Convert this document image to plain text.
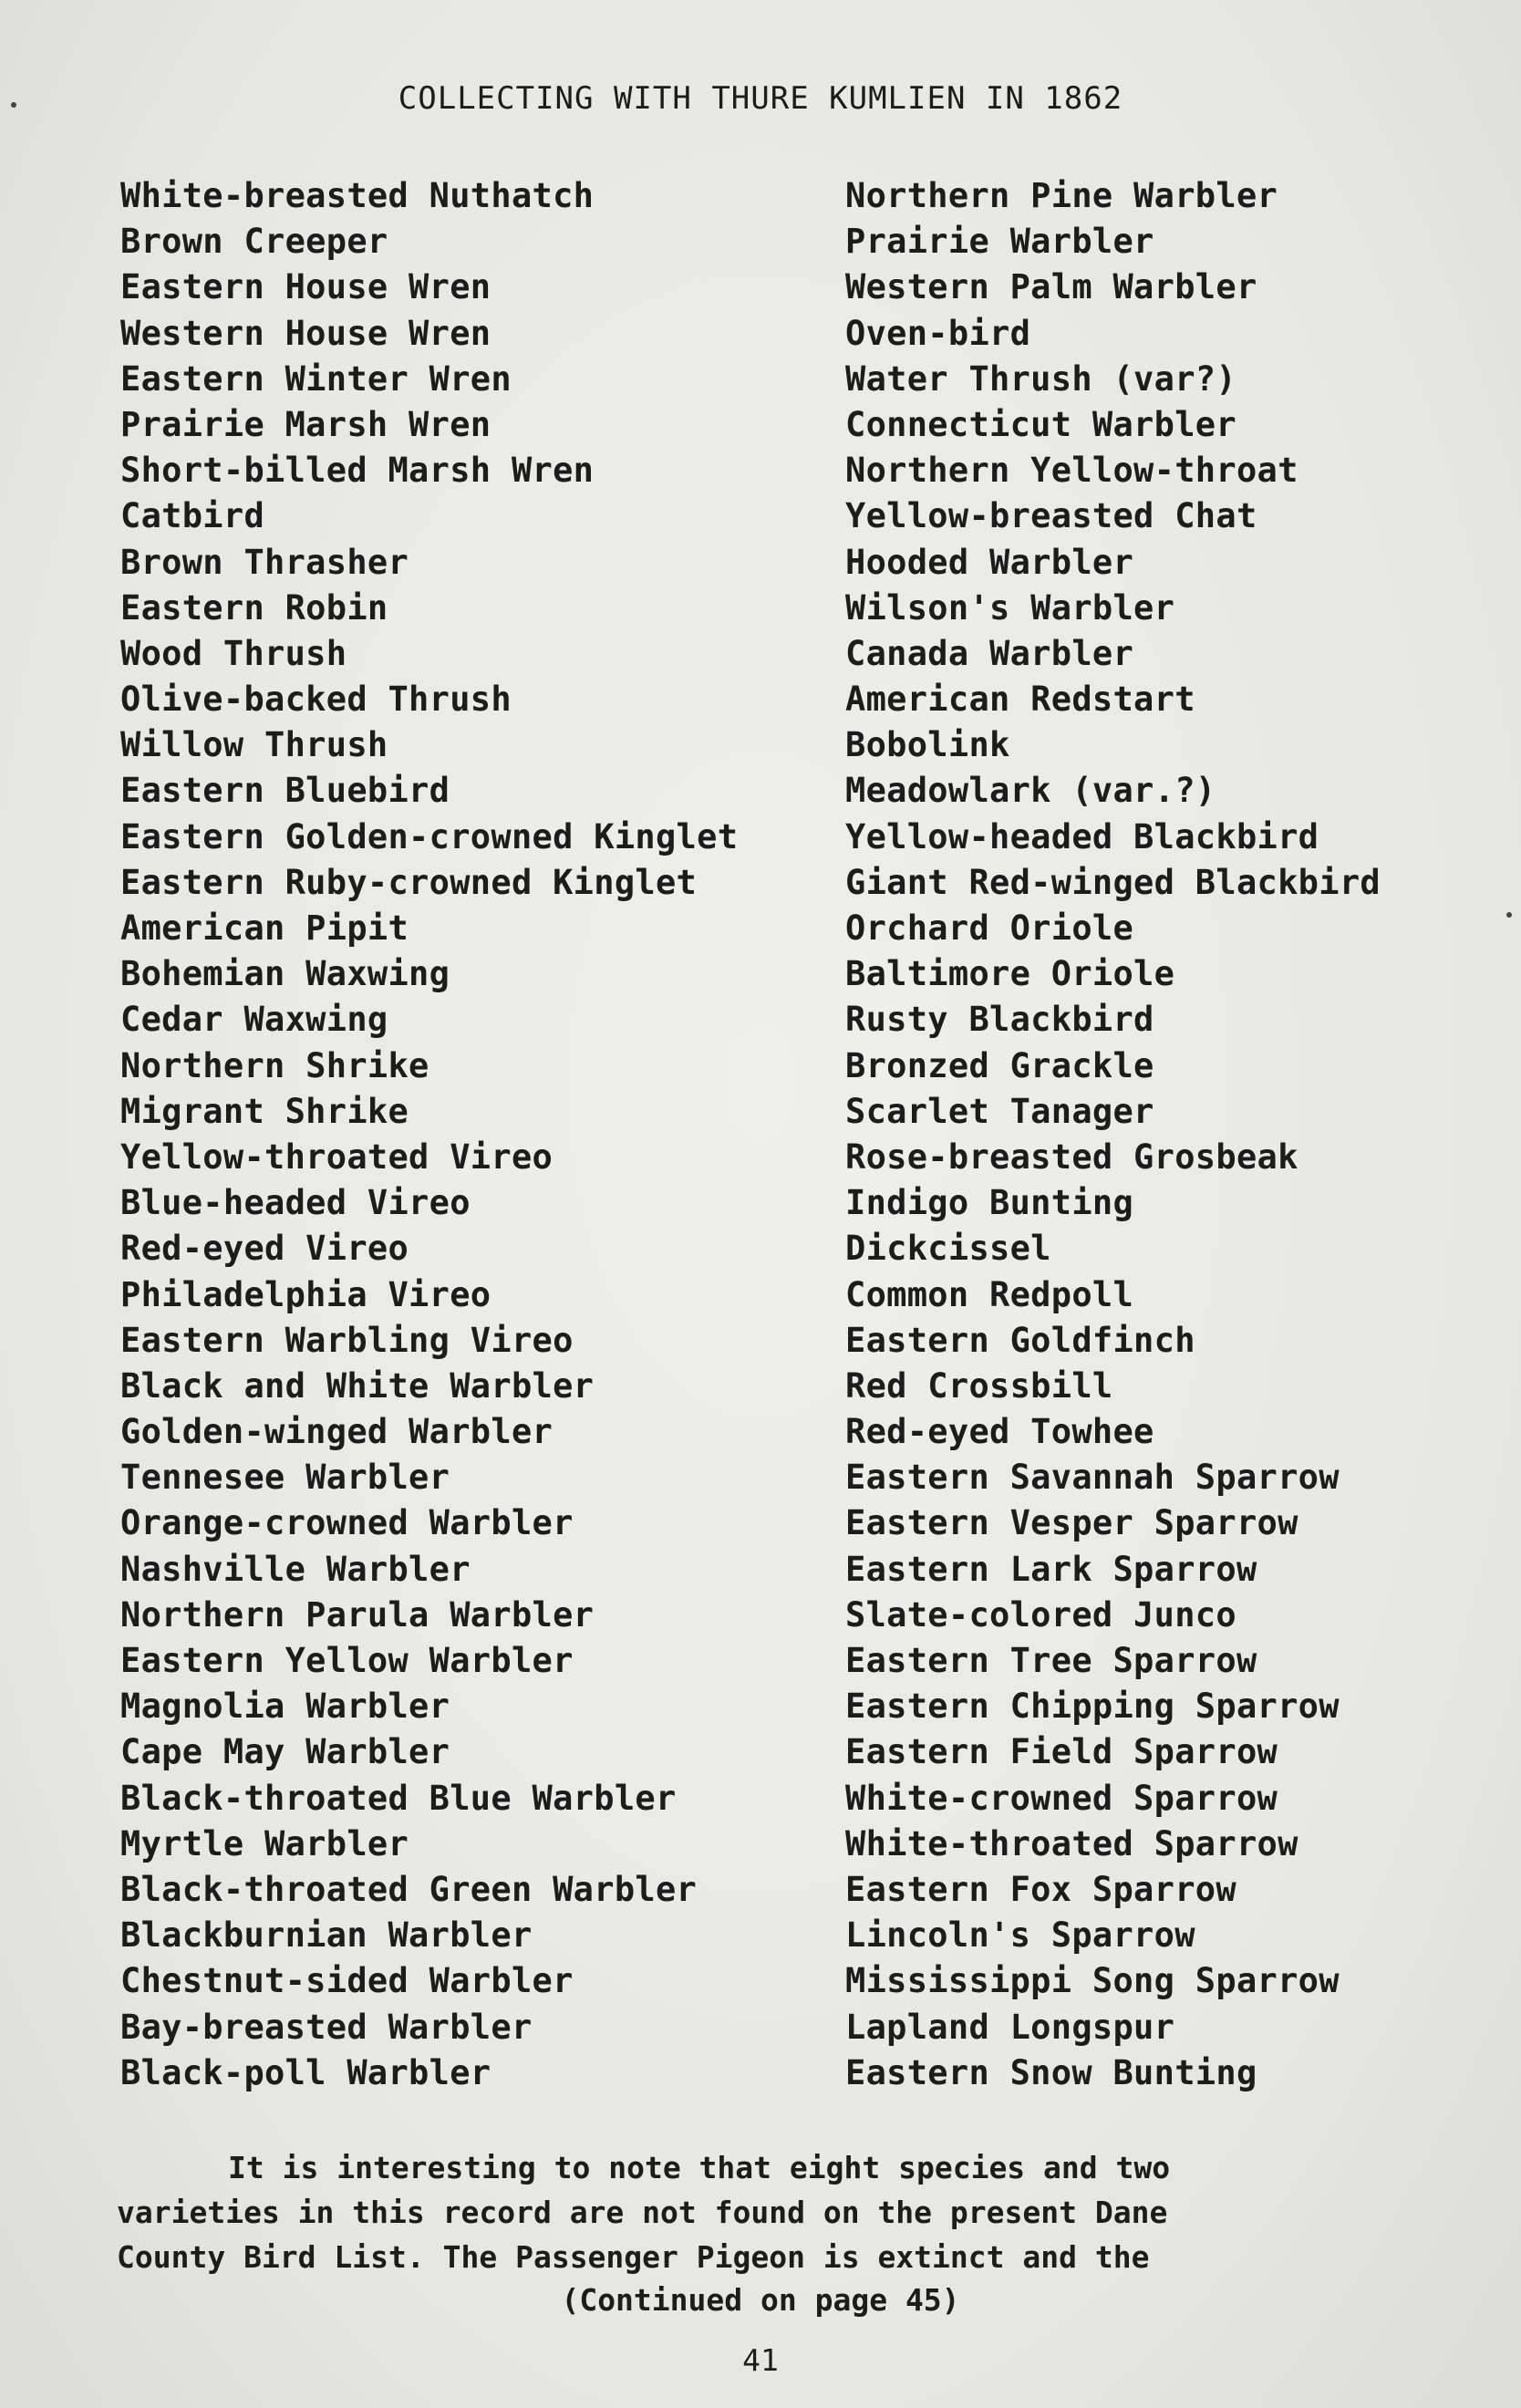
COLLECTING WITH THURE KUMLIEN IN 1862
White-breasted Nuthatch
Brown Creeper
Eastern House Wren
Western House Wren
Eastern Winter Wren
Prairie Marsh Wren
Short-billed Marsh Wren
Catbird
Brown Thrasher
Eastern Robin
Wood Thrush
Olive-backed Thrush
Willow Thrush
Eastern Bluebird
Eastern Golden-crowned Kinglet
Eastern Ruby-crowned Kinglet
American Pipit
Bohemian Waxwing
Cedar Waxwing
Northern Shrike
Migrant Shrike
Yellow-throated Vireo
Blue-headed Vireo
Red-eyed Vireo
Philadelphia Vireo
Eastern Warbling Vireo
Black and White Warbler
Golden-winged Warbler
Tennesee Warbler
Orange-crowned Warbler
Nashville Warbler
Northern Parula Warbler
Eastern Yellow Warbler
Magnolia Warbler
Cape May Warbler
Black-throated Blue Warbler
Myrtle Warbler
Black-throated Green Warbler
Blackburnian Warbler
Chestnut-sided Warbler
Bay-breasted Warbler
Black-poll Warbler
Northern Pine Warbler
Prairie Warbler
Western Palm Warbler
Oven-bird
Water Thrush (var?)
Connecticut Warbler
Northern Yellow-throat
Yellow-breasted Chat
Hooded Warbler
Wilson's Warbler
Canada Warbler
American Redstart
Bobolink
Meadowlark (var.?)
Yellow-headed Blackbird
Giant Red-winged Blackbird
Orchard Oriole
Baltimore Oriole
Rusty Blackbird
Bronzed Grackle
Scarlet Tanager
Rose-breasted Grosbeak
Indigo Bunting
Dickcissel
Common Redpoll
Eastern Goldfinch
Red Crossbill
Red-eyed Towhee
Eastern Savannah Sparrow
Eastern Vesper Sparrow
Eastern Lark Sparrow
Slate-colored Junco
Eastern Tree Sparrow
Eastern Chipping Sparrow
Eastern Field Sparrow
White-crowned Sparrow
White-throated Sparrow
Eastern Fox Sparrow
Lincoln's Sparrow
Mississippi Song Sparrow
Lapland Longspur
Eastern Snow Bunting

It is interesting to note that eight species and two

varieties in this record are not found on the present Dane

County Bird List. The Passenger Pigeon is extinct and the

(Continued on page 45)
41
